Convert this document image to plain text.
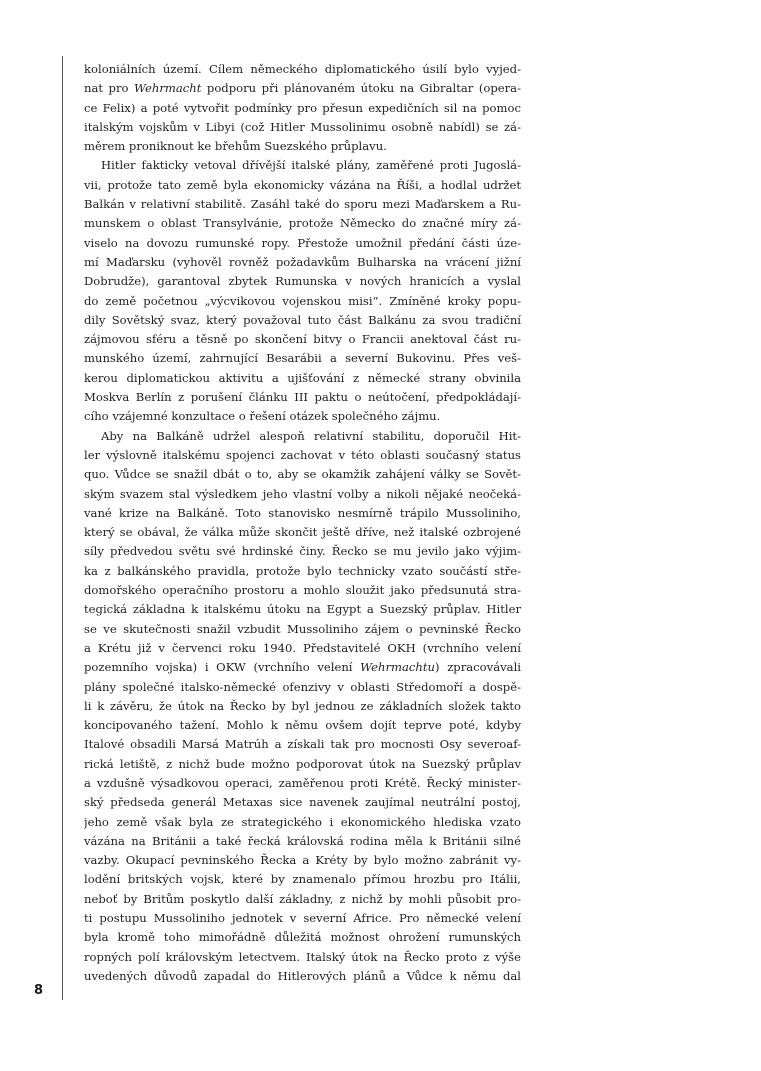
8
koloniálních území. Cílem německého diplomatického úsilí bylo vyjed-
nat pro Wehrmacht podporu při plánovaném útoku na Gibraltar (opera-
ce Felix) a poté vytvořit podmínky pro přesun expedičních sil na pomoc
italským vojskům v Libyi (což Hitler Mussolinimu osobně nabídl) se zá-
měrem proniknout ke břehům Suezského průplavu.
Hitler fakticky vetoval dřívější italské plány, zaměřené proti Jugoslá-
vii, protože tato země byla ekonomicky vázána na Říši, a hodlal udržet
Balkán v relativní stabilitě. Zasáhl také do sporu mezi Maďarskem a Ru-
munskem o oblast Transylvánie, protože Německo do značné míry zá-
viselo na dovozu rumunské ropy. Přestože umožnil předání části úze-
mí Maďarsku (vyhověl rovněž požadavkům Bulharska na vrácení jižní
Dobrudže), garantoval zbytek Rumunska v nových hranicích a vyslal
do země početnou „výcvikovou vojenskou misi“. Zmíněné kroky popu-
dily Sovětský svaz, který považoval tuto část Balkánu za svou tradiční
zájmovou sféru a těsně po skončení bitvy o Francii anektoval část ru-
munského území, zahrnující Besarábii a severní Bukovinu. Přes veš-
kerou diplomatickou aktivitu a ujišťování z německé strany obvinila
Moskva Berlín z porušení článku III paktu o neútočení, předpokládají-
cího vzájemné konzultace o řešení otázek společného zájmu.
Aby na Balkáně udržel alespoň relativní stabilitu, doporučil Hit-
ler výslovně italskému spojenci zachovat v této oblasti současný status
quo. Vůdce se snažil dbát o to, aby se okamžik zahájení války se Sovět-
ským svazem stal výsledkem jeho vlastní volby a nikoli nějaké neočeká-
vané krize na Balkáně. Toto stanovisko nesmírně trápilo Mussoliniho,
který se obával, že válka může skončit ještě dříve, než italské ozbrojené
síly předvedou světu své hrdinské činy. Řecko se mu jevilo jako výjim-
ka z balkánského pravidla, protože bylo technicky vzato součástí stře-
domořského operačního prostoru a mohlo sloužit jako předsunutá stra-
tegická základna k italskému útoku na Egypt a Suezský průplav. Hitler
se ve skutečnosti snažil vzbudit Mussoliniho zájem o pevninské Řecko
a Krétu již v červenci roku 1940. Představitelé OKH (vrchního velení
pozemního vojska) i OKW (vrchního velení Wehrmachtu) zpracovávali
plány společné italsko-německé ofenzivy v oblasti Středomoří a dospě-
li k závěru, že útok na Řecko by byl jednou ze základních složek takto
koncipovaného tažení. Mohlo k němu ovšem dojít teprve poté, kdyby
Italové obsadili Marsá Matrúh a získali tak pro mocnosti Osy severoaf-
rická letiště, z nichž bude možno podporovat útok na Suezský průplav
a vzdušně výsadkovou operaci, zaměřenou proti Krétě. Řecký minister-
ský předseda generál Metaxas sice navenek zaujímal neutrální postoj,
jeho země však byla ze strategického i ekonomického hlediska vzato
vázána na Británii a také řecká královská rodina měla k Británii silné
vazby. Okupací pevninského Řecka a Kréty by bylo možno zabránit vy-
lodění britských vojsk, které by znamenalo přímou hrozbu pro Itálii,
neboť by Britům poskytlo další základny, z nichž by mohli působit pro-
ti postupu Mussoliniho jednotek v severní Africe. Pro německé velení
byla kromě toho mimořádně důležitá možnost ohrožení rumunských
ropných polí královským letectvem. Italský útok na Řecko proto z výše
uvedených důvodů zapadal do Hitlerových plánů a Vůdce k němu dal
